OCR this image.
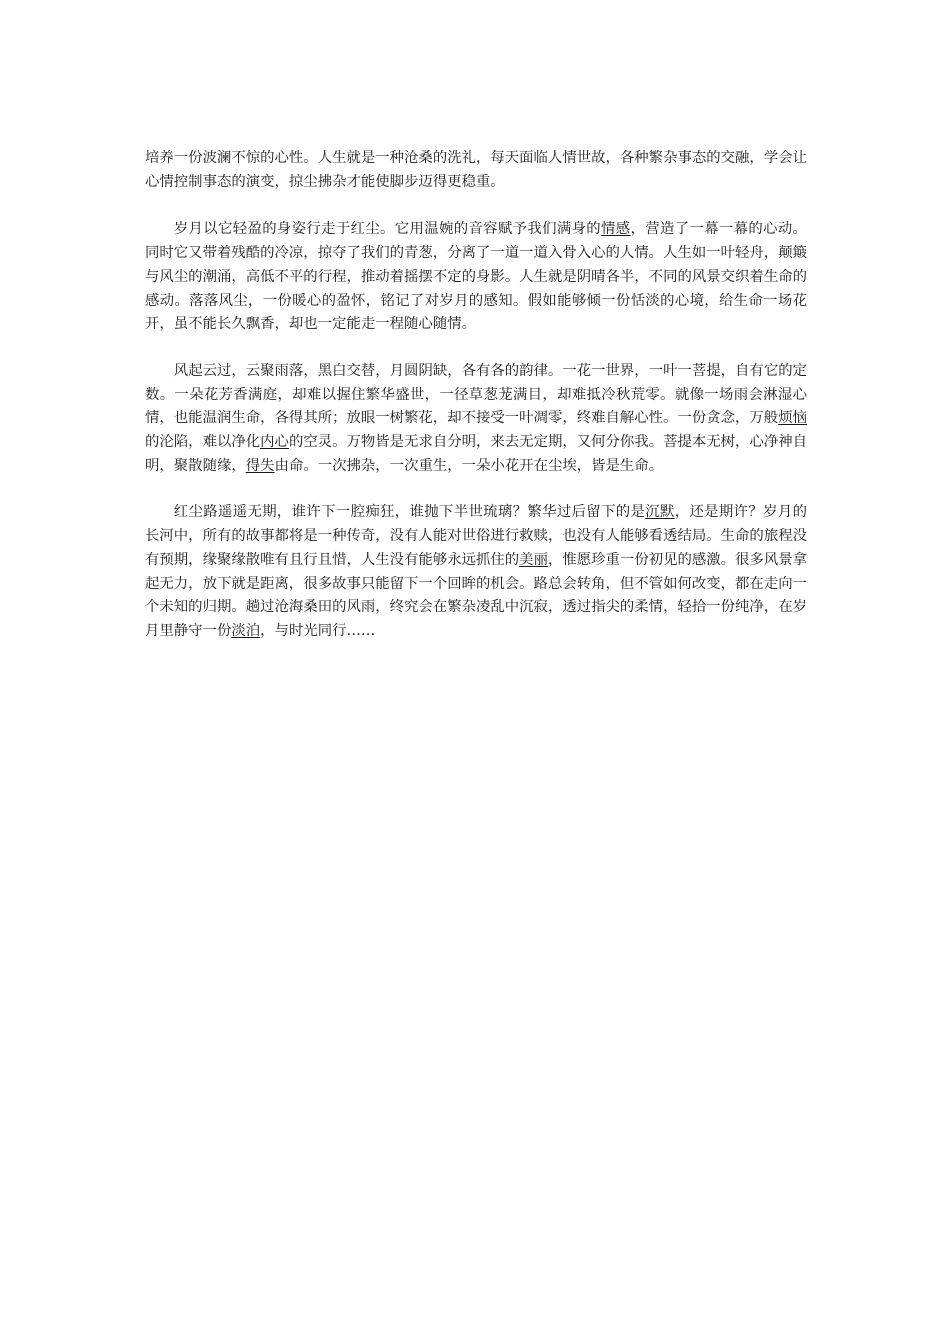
培养一份波澜不惊的心性。人生就是一种沧桑的洗礼，每天面临人情世故，各种繁杂事态的交融，学会让心情控制事态的演变，掠尘拂杂才能使脚步迈得更稳重。

岁月以它轻盈的身姿行走于红尘。它用温婉的音容赋予我们满身的情感，营造了一幕一幕的心动。同时它又带着残酷的冷凉，掠夺了我们的青葱，分离了一道一道入骨入心的人情。人生如一叶轻舟，颠簸与风尘的潮涌，高低不平的行程，推动着摇摆不定的身影。人生就是阴晴各半，不同的风景交织着生命的感动。落落风尘，一份暖心的盈怀，铭记了对岁月的感知。假如能够倾一份恬淡的心境，给生命一场花开，虽不能长久飘香，却也一定能走一程随心随情。

风起云过，云聚雨落，黑白交替，月圆阴缺，各有各的韵律。一花一世界，一叶一菩提，自有它的定数。一朵花芳香满庭，却难以握住繁华盛世，一径草葱茏满目，却难抵冷秋荒零。就像一场雨会淋湿心情，也能温润生命，各得其所；放眼一树繁花，却不接受一叶凋零，终难自解心性。一份贪念，万般烦恼的沦陷，难以净化内心的空灵。万物皆是无求自分明，来去无定期，又何分你我。菩提本无树，心净神自明，聚散随缘，得失由命。一次拂杂，一次重生，一朵小花开在尘埃，皆是生命。

红尘路遥遥无期，谁许下一腔痴狂，谁抛下半世琉璃？繁华过后留下的是沉默，还是期许？岁月的长河中，所有的故事都将是一种传奇，没有人能对世俗进行救赎，也没有人能够看透结局。生命的旅程没有预期，缘聚缘散唯有且行且惜，人生没有能够永远抓住的美丽，惟愿珍重一份初见的感激。很多风景拿起无力，放下就是距离，很多故事只能留下一个回眸的机会。路总会转角，但不管如何改变，都在走向一个未知的归期。趟过沧海桑田的风雨，终究会在繁杂凌乱中沉寂，透过指尖的柔情，轻拾一份纯净，在岁月里静守一份淡泊，与时光同行……
